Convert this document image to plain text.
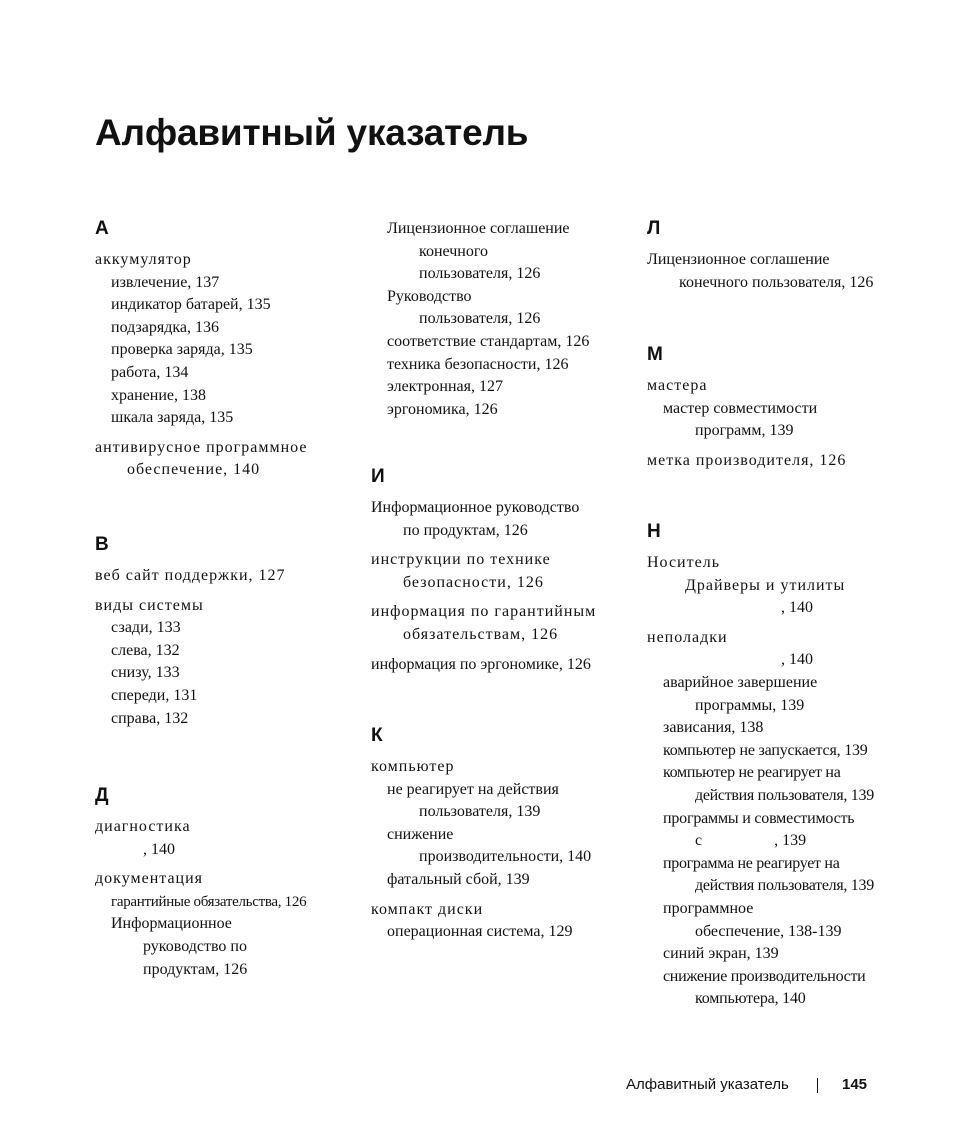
Алфавитный указатель
А
аккумулятор
извлечение, 137
индикатор батарей, 135
подзарядка, 136
проверка заряда, 135
работа, 134
хранение, 138
шкала заряда, 135
антивирусное программное
обеспечение, 140
В
веб сайт поддержки, 127
виды системы
сзади, 133
слева, 132
снизу, 133
спереди, 131
справа, 132
Д
диагностика
, 140
документация
гарантийные обязательства, 126
Информационное
руководство по
продуктам, 126
Лицензионное соглашение
конечного
пользователя, 126
Руководство
пользователя, 126
соответствие стандартам, 126
техника безопасности, 126
электронная, 127
эргономика, 126
И
Информационное руководство
по продуктам, 126
инструкции по технике
безопасности, 126
информация по гарантийным
обязательствам, 126
информация по эргономике, 126
К
компьютер
не реагирует на действия
пользователя, 139
снижение
производительности, 140
фатальный сбой, 139
компакт диски
операционная система, 129
Л
Лицензионное соглашение
конечного пользователя, 126
М
мастера
мастер совместимости
программ, 139
метка производителя, 126
Н
Носитель
Драйверы и утилиты
, 140
неполадки
, 140
аварийное завершение
программы, 139
зависания, 138
компьютер не запускается, 139
компьютер не реагирует на
действия пользователя, 139
программы и совместимость
с	, 139
программа не реагирует на
действия пользователя, 139
программное
обеспечение, 138-139
синий экран, 139
снижение производительности
компьютера, 140
Алфавитный указатель	145
